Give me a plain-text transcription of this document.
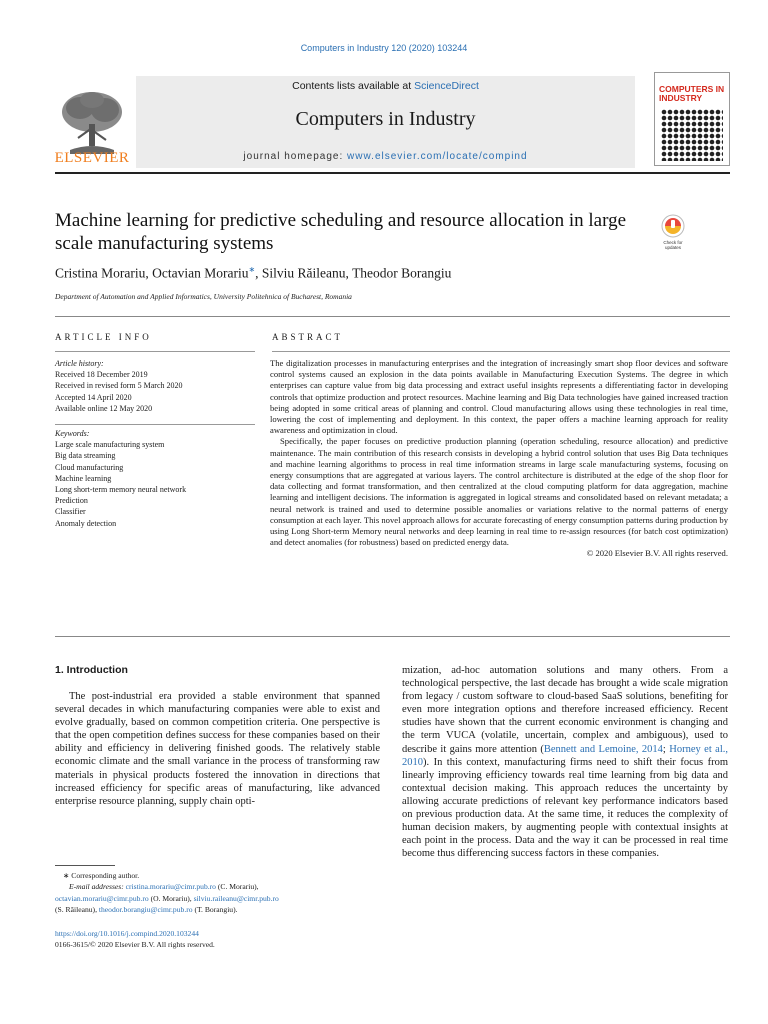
Computers in Industry 120 (2020) 103244
Contents lists available at ScienceDirect
Computers in Industry
journal homepage: www.elsevier.com/locate/compind
ELSEVIER
COMPUTERS IN INDUSTRY
Machine learning for predictive scheduling and resource allocation in large scale manufacturing systems	Check for
updates
Cristina Morariu, Octavian Morariu∗, Silviu Răileanu, Theodor Borangiu
Department of Automation and Applied Informatics, University Politehnica of Bucharest, Romania
ARTICLE INFO	ABSTRACT
Article history:
Received 18 December 2019
Received in revised form 5 March 2020
Accepted 14 April 2020
Available online 12 May 2020
Keywords:
Large scale manufacturing system
Big data streaming
Cloud manufacturing
Machine learning
Long short-term memory neural network
Prediction
Classifier
Anomaly detection

The digitalization processes in manufacturing enterprises and the integration of increasingly smart shop floor devices and software control systems caused an explosion in the data points available in Manufacturing Execution Systems. The degree in which enterprises can capture value from big data processing and extract useful insights represents a differentiating factor in developing controls that optimize production and protect resources. Machine learning and Big Data technologies have gained increased traction being adopted in some critical areas of planning and control. Cloud manufacturing allows using these technologies in real time, lowering the cost of implementing and deployment. In this context, the paper offers a machine learning approach for reality awareness and optimization in cloud.

Specifically, the paper focuses on predictive production planning (operation scheduling, resource allocation) and predictive maintenance. The main contribution of this research consists in developing a hybrid control solution that uses Big Data techniques and machine learning algorithms to process in real time information streams in large scale manufacturing systems, focusing on energy consumptions that are aggregated at various layers. The control architecture is distributed at the edge of the shop floor for data collecting and format transformation, and then centralized at the cloud computing platform for data aggregation, machine learning and intelligent decisions. The information is aggregated in logical streams and consolidated based on relevant metadata; a neural network is trained and used to determine possible anomalies or variations relative to the normal patterns of energy consumption at each layer. This novel approach allows for accurate forecasting of energy consumption patterns during production by using Long Short-term Memory neural networks and deep learning in real time to re-assign resources (for batch cost optimization) and detect anomalies (for robustness) based on predicted energy data.

© 2020 Elsevier B.V. All rights reserved.
1. Introduction

The post-industrial era provided a stable environment that spanned several decades in which manufacturing companies were able to exist and evolve gradually, based on common competition criteria. One perspective is that the open competition defines success for these companies based on their ability and efficiency in delivering finished goods. The relatively stable economic climate and the small variance in the process of transforming raw materials in physical products fostered the innovation in directions that increased efficiency for specific areas of manufacturing, like advanced enterprise resource planning, supply chain opti-

mization, ad-hoc automation solutions and many others. From a technological perspective, the last decade has brought a wide scale migration from legacy / custom software to cloud-based SaaS solutions, benefiting for even more integration options and therefore increased efficiency. Recent studies have shown that the current economic environment is changing and the term VUCA (volatile, uncertain, complex and ambiguous), used to describe it gains more attention (Bennett and Lemoine, 2014; Horney et al., 2010). In this context, manufacturing firms need to shift their focus from linearly improving efficiency towards real time learning from big data and contextual decision making. This approach reduces the uncertainty by allowing accurate predictions of relevant key performance indicators based on previous production data. At the same time, it reduces the complexity of human decision makers, by augmenting people with contextual insights at each point in the process. Data and the way it can be processed in real time become thus differencing success factors in these companies.

∗ Corresponding author.
E-mail addresses: cristina.morariu@cimr.pub.ro (C. Morariu),
octavian.morariu@cimr.pub.ro (O. Morariu), silviu.raileanu@cimr.pub.ro
(S. Răileanu), theodor.borangiu@cimr.pub.ro (T. Borangiu).
https://doi.org/10.1016/j.compind.2020.103244
0166-3615/© 2020 Elsevier B.V. All rights reserved.
